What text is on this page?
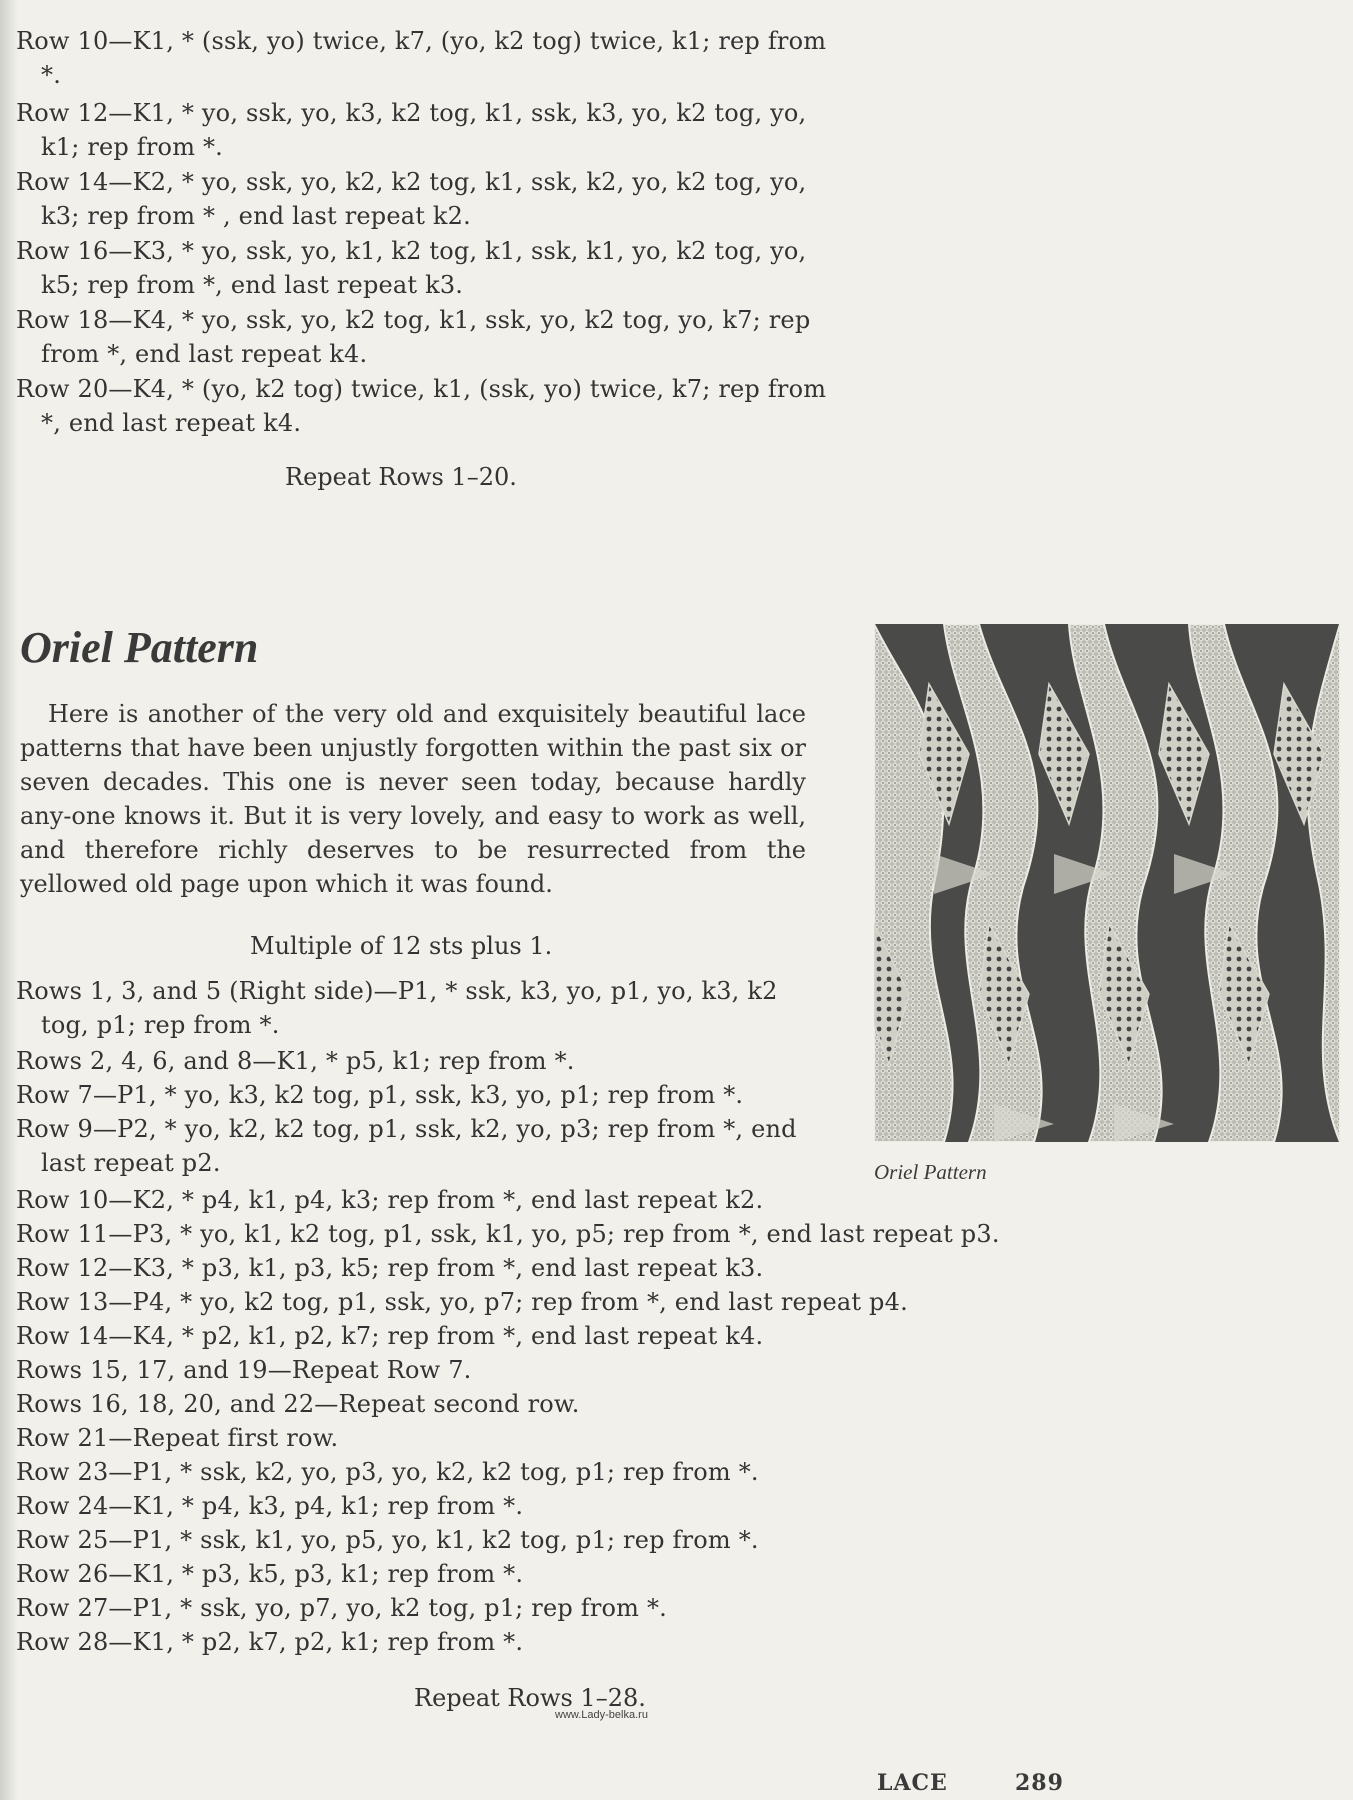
Row 10—K1, * (ssk, yo) twice, k7, (yo, k2 tog) twice, k1; rep from *.
Row 12—K1, * yo, ssk, yo, k3, k2 tog, k1, ssk, k3, yo, k2 tog, yo, k1; rep from *.
Row 14—K2, * yo, ssk, yo, k2, k2 tog, k1, ssk, k2, yo, k2 tog, yo, k3; rep from * , end last repeat k2.
Row 16—K3, * yo, ssk, yo, k1, k2 tog, k1, ssk, k1, yo, k2 tog, yo, k5; rep from *, end last repeat k3.
Row 18—K4, * yo, ssk, yo, k2 tog, k1, ssk, yo, k2 tog, yo, k7; rep from *, end last repeat k4.
Row 20—K4, * (yo, k2 tog) twice, k1, (ssk, yo) twice, k7; rep from *, end last repeat k4.
Repeat Rows 1–20.
Oriel Pattern
Here is another of the very old and exquisitely beautiful lace patterns that have been unjustly forgotten within the past six or seven decades. This one is never seen today, because hardly any-one knows it. But it is very lovely, and easy to work as well, and therefore richly deserves to be resurrected from the yellowed old page upon which it was found.
Oriel Pattern
Multiple of 12 sts plus 1.
Rows 1, 3, and 5 (Right side)—P1, * ssk, k3, yo, p1, yo, k3, k2 tog, p1; rep from *.
Rows 2, 4, 6, and 8—K1, * p5, k1; rep from *.
Row 7—P1, * yo, k3, k2 tog, p1, ssk, k3, yo, p1; rep from *.
Row 9—P2, * yo, k2, k2 tog, p1, ssk, k2, yo, p3; rep from *, end last repeat p2.
Row 10—K2, * p4, k1, p4, k3; rep from *, end last repeat k2.
Row 11—P3, * yo, k1, k2 tog, p1, ssk, k1, yo, p5; rep from *, end last repeat p3.
Row 12—K3, * p3, k1, p3, k5; rep from *, end last repeat k3.
Row 13—P4, * yo, k2 tog, p1, ssk, yo, p7; rep from *, end last repeat p4.
Row 14—K4, * p2, k1, p2, k7; rep from *, end last repeat k4.
Rows 15, 17, and 19—Repeat Row 7.
Rows 16, 18, 20, and 22—Repeat second row.
Row 21—Repeat first row.
Row 23—P1, * ssk, k2, yo, p3, yo, k2, k2 tog, p1; rep from *.
Row 24—K1, * p4, k3, p4, k1; rep from *.
Row 25—P1, * ssk, k1, yo, p5, yo, k1, k2 tog, p1; rep from *.
Row 26—K1, * p3, k5, p3, k1; rep from *.
Row 27—P1, * ssk, yo, p7, yo, k2 tog, p1; rep from *.
Row 28—K1, * p2, k7, p2, k1; rep from *.
Repeat Rows 1–28.
www.Lady-belka.ru
LACE	289
